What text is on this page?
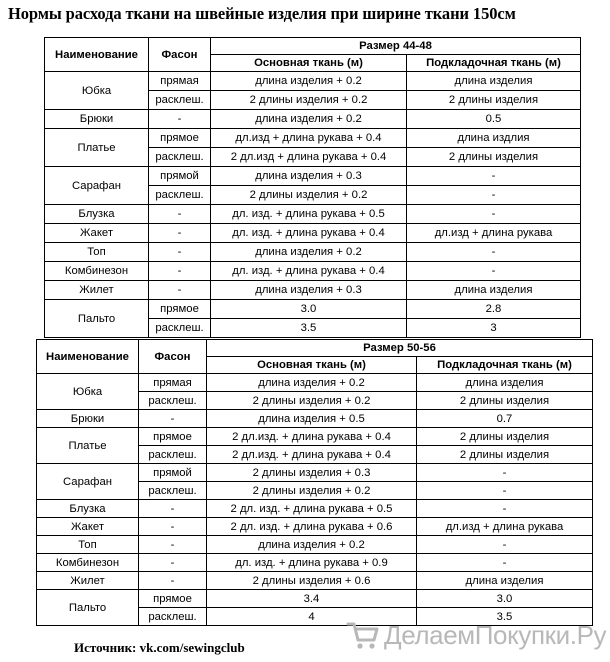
Нормы расхода ткани на швейные изделия при ширине ткани 150см
Наименование	Фасон	Размер 44-48	
		Основная ткань (м)	Подкладочная ткань (м)
Юбка	прямая	длина изделия + 0.2	длина изделия
	расклеш.	2 длины изделия + 0.2	2 длины изделия
Брюки	-	длина изделия + 0.2	0.5
Платье	прямое	дл.изд + длина рукава + 0.4	длина издлия
	расклеш.	2 дл.изд + длина рукава + 0.4	2 длины изделия
Сарафан	прямой	длина изделия + 0.3	-
	расклеш.	2 длины изделия + 0.2	-
Блузка	-	дл. изд. + длина рукава + 0.5	-
Жакет	-	дл. изд. + длина рукава + 0.4	дл.изд + длина рукава
Топ	-	длина изделия + 0.2	-
Комбинезон	-	дл. изд. + длина рукава + 0.4	-
Жилет	-	длина изделия + 0.3	длина изделия
Пальто	прямое	3.0	2.8
	расклеш.	3.5	3
Наименование	Фасон	Размер 50-56	
		Основная ткань (м)	Подкладочная ткань (м)
Юбка	прямая	длина изделия + 0.2	длина изделия
	расклеш.	2 длины изделия + 0.2	2 длины изделия
Брюки	-	длина изделия + 0.5	0.7
Платье	прямое	2 дл.изд. + длина рукава + 0.4	2 длины изделия
	расклеш.	2 дл.изд. + длина рукава + 0.4	2 длины изделия
Сарафан	прямой	2 длины изделия + 0.3	-
	расклеш.	2 длины изделия + 0.2	-
Блузка	-	2 дл. изд. + длина рукава + 0.5	-
Жакет	-	2 дл. изд. + длина рукава + 0.6	дл.изд + длина рукава
Топ	-	длина изделия + 0.2	-
Комбинезон	-	дл. изд. + длина рукава + 0.9	-
Жилет	-	2 длины изделия + 0.6	длина изделия
Пальто	прямое	3.4	3.0
	расклеш.	4	3.5
Источник: vk.com/sewingclub	ДелаемПокупки.Ру
